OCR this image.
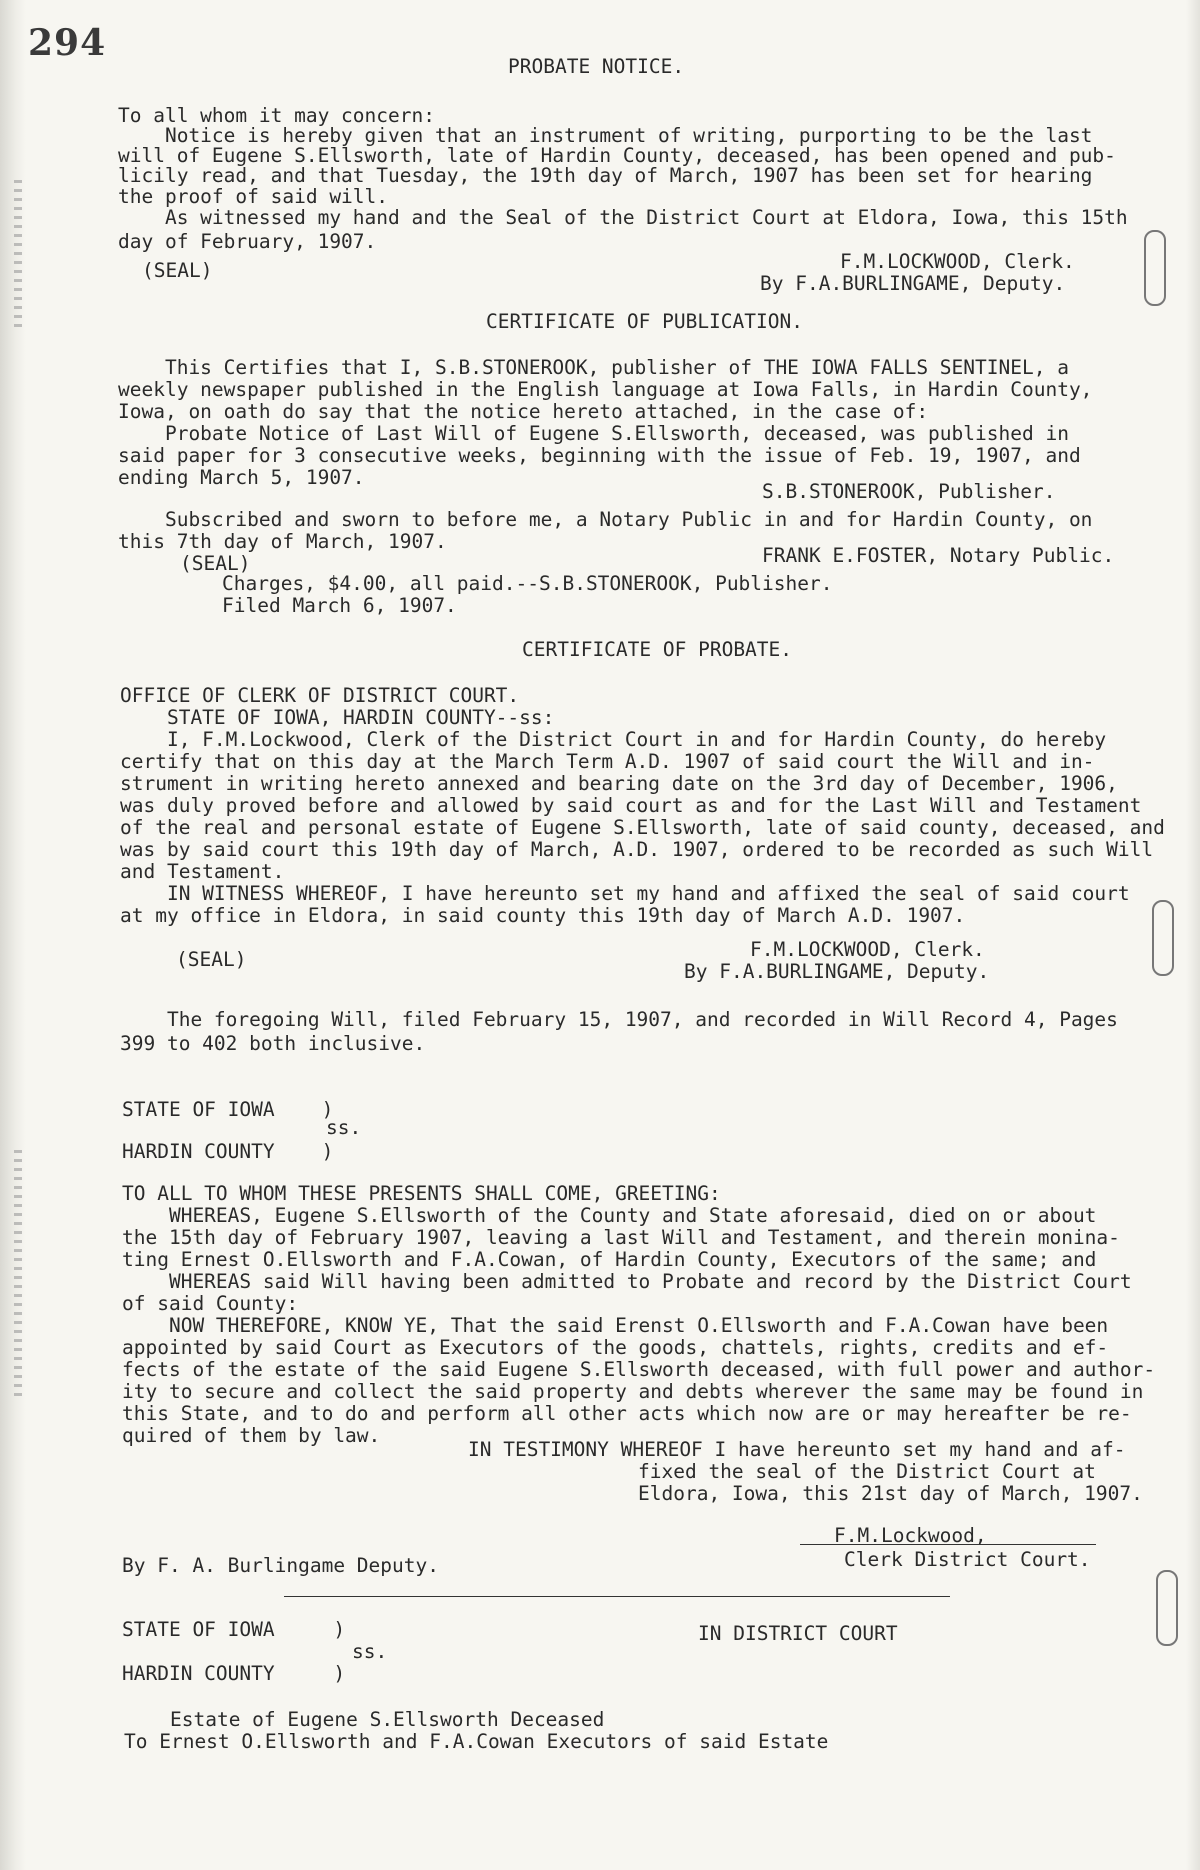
294
PROBATE NOTICE.
To all whom it may concern:
Notice is hereby given that an instrument of writing, purporting to be the last
will of Eugene S.Ellsworth, late of Hardin County, deceased, has been opened and pub-
licily read, and that Tuesday, the 19th day of March, 1907 has been set for hearing
the proof of said will.
As witnessed my hand and the Seal of the District Court at Eldora, Iowa, this 15th
day of February, 1907.
F.M.LOCKWOOD, Clerk.
(SEAL)
By F.A.BURLINGAME, Deputy.
CERTIFICATE OF PUBLICATION.
This Certifies that I, S.B.STONEROOK, publisher of THE IOWA FALLS SENTINEL, a
weekly newspaper published in the English language at Iowa Falls, in Hardin County,
Iowa, on oath do say that the notice hereto attached, in the case of:
Probate Notice of Last Will of Eugene S.Ellsworth, deceased, was published in
said paper for 3 consecutive weeks, beginning with the issue of Feb. 19, 1907, and
ending March 5, 1907.
S.B.STONEROOK, Publisher.
Subscribed and sworn to before me, a Notary Public in and for Hardin County, on
this 7th day of March, 1907.
(SEAL)	FRANK E.FOSTER, Notary Public.
Charges, $4.00, all paid.--S.B.STONEROOK, Publisher.
Filed March 6, 1907.
CERTIFICATE OF PROBATE.
OFFICE OF CLERK OF DISTRICT COURT.
STATE OF IOWA, HARDIN COUNTY--ss:
I, F.M.Lockwood, Clerk of the District Court in and for Hardin County, do hereby
certify that on this day at the March Term A.D. 1907 of said court the Will and in-
strument in writing hereto annexed and bearing date on the 3rd day of December, 1906,
was duly proved before and allowed by said court as and for the Last Will and Testament
of the real and personal estate of Eugene S.Ellsworth, late of said county, deceased, and
was by said court this 19th day of March, A.D. 1907, ordered to be recorded as such Will
and Testament.
IN WITNESS WHEREOF, I have hereunto set my hand and affixed the seal of said court
at my office in Eldora, in said county this 19th day of March A.D. 1907.
F.M.LOCKWOOD, Clerk.
(SEAL)
By F.A.BURLINGAME, Deputy.
The foregoing Will, filed February 15, 1907, and recorded in Will Record 4, Pages
399 to 402 both inclusive.
STATE OF IOWA    )
ss.
HARDIN COUNTY    )
TO ALL TO WHOM THESE PRESENTS SHALL COME, GREETING:
WHEREAS, Eugene S.Ellsworth of the County and State aforesaid, died on or about
the 15th day of February 1907, leaving a last Will and Testament, and therein moninа-
ting Ernest O.Ellsworth and F.A.Cowan, of Hardin County, Executors of the same; and
WHEREAS said Will having been admitted to Probate and record by the District Court
of said County:
NOW THEREFORE, KNOW YE, That the said Erenst O.Ellsworth and F.A.Cowan have been
appointed by said Court as Executors of the goods, chattels, rights, credits and ef-
fects of the estate of the said Eugene S.Ellsworth deceased, with full power and author-
ity to secure and collect the said property and debts wherever the same may be found in
this State, and to do and perform all other acts which now are or may hereafter be re-
quired of them by law.
IN TESTIMONY WHEREOF I have hereunto set my hand and af-
fixed the seal of the District Court at
Eldora, Iowa, this 21st day of March, 1907.
F.M.Lockwood,
Clerk District Court.
By F. A. Burlingame Deputy.
STATE OF IOWA     )
ss.
HARDIN COUNTY     )
IN DISTRICT COURT
Estate of Eugene S.Ellsworth Deceased
To Ernest O.Ellsworth and F.A.Cowan Executors of said Estate
